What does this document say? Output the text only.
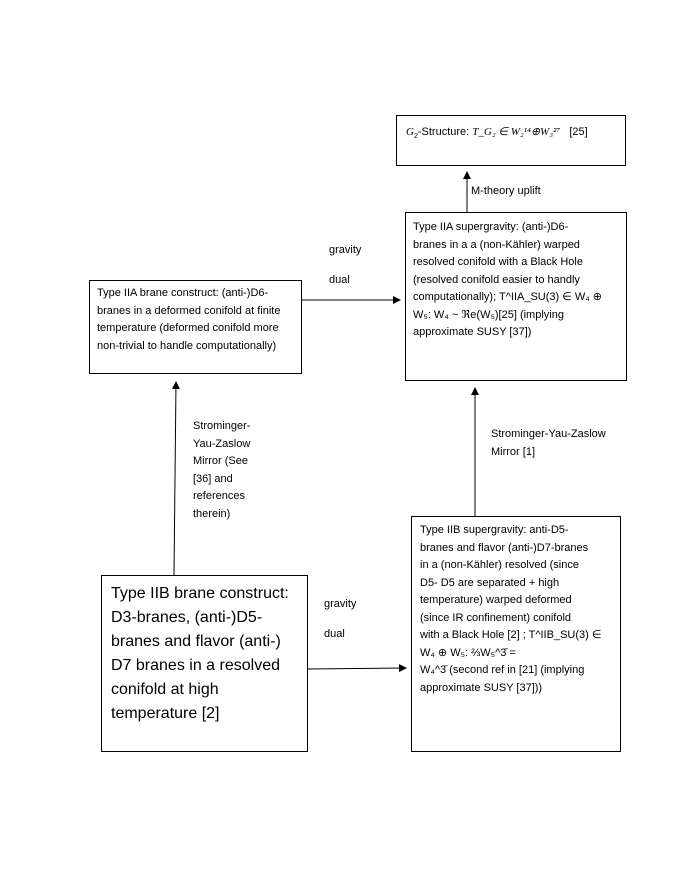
$G_2$-Structure: T_G₂ ∈ W₂¹⁴⊕W₃²⁷ [25]
M-theory uplift
Type IIA supergravity: (anti-)D6-
branes in a a (non-Kähler) warped
resolved conifold with a Black Hole
(resolved conifold easier to handly
computationally); T^IIA_SU(3) ∈ W₄ ⊕
W₅: W₄ ~ ℜe(W₅)[25] (implying
approximate SUSY [37])
gravity
dual
Type IIA brane construct: (anti-)D6-
branes in a deformed conifold at finite
temperature (deformed conifold more
non-trivial to handle computationally)
Strominger-
Yau-Zaslow
Mirror (See
[36] and
references
therein)
Strominger-Yau-Zaslow
Mirror [1]
Type IIB brane construct:
D3-branes, (anti-)D5-
branes and flavor (anti-)
D7 branes in a resolved
conifold at high
temperature [2]
gravity
dual
Type IIB supergravity: anti-D5-
branes and flavor (anti-)D7-branes
in a (non-Kähler) resolved (since
D5- D5 are separated + high
temperature) warped deformed
(since IR confinement) conifold
with a Black Hole [2] ; T^IIB_SU(3) ∈
W₄ ⊕ W₅: ⅔W₅^3̄ =
W₄^3̄ (second ref in [21] (implying
approximate SUSY [37]))
